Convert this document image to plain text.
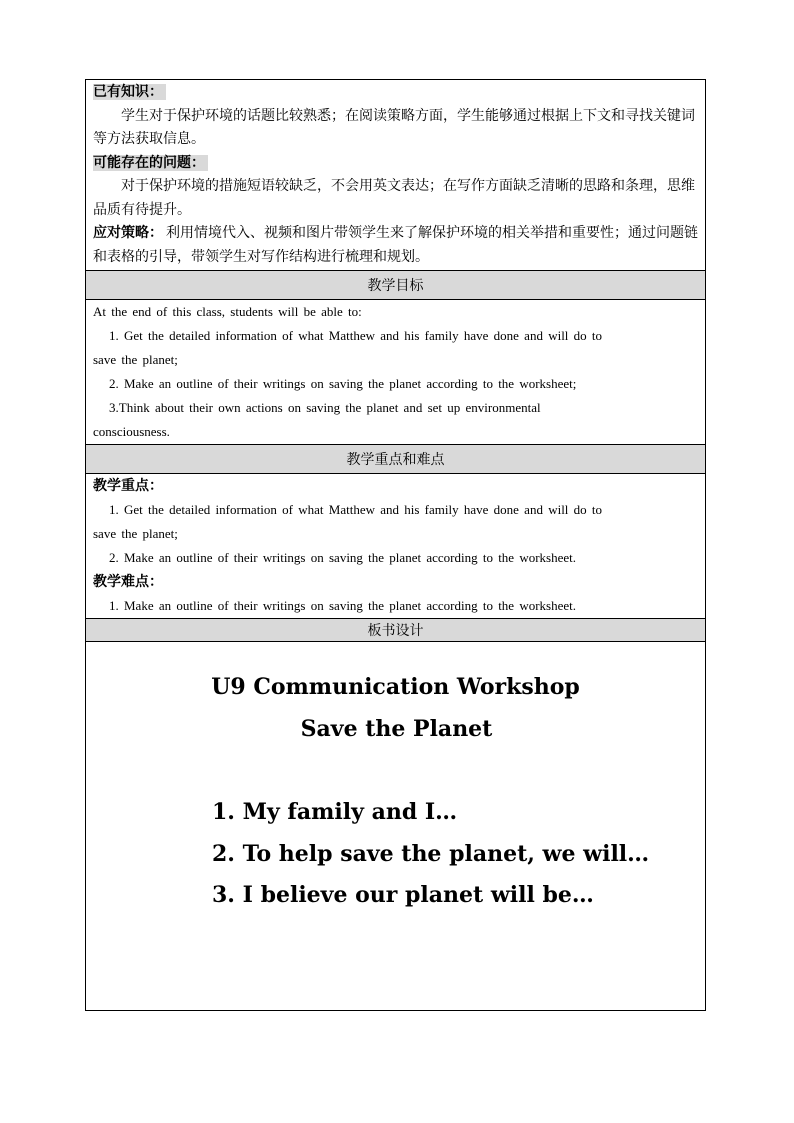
已有知识：
学生对于保护环境的话题比较熟悉；在阅读策略方面，学生能够通过根据上下文和寻找关键词等方法获取信息。
可能存在的问题：
对于保护环境的措施短语较缺乏，不会用英文表达；在写作方面缺乏清晰的思路和条理，思维品质有待提升。
应对策略： 利用情境代入、视频和图片带领学生来了解保护环境的相关举措和重要性；通过问题链和表格的引导，带领学生对写作结构进行梳理和规划。
教学目标
At the end of this class, students will be able to:
1. Get the detailed information of what Matthew and his family have done and will do to
save the planet;
2. Make an outline of their writings on saving the planet according to the worksheet;
3.Think about their own actions on saving the planet and set up environmental
consciousness.
教学重点和难点
教学重点：
1. Get the detailed information of what Matthew and his family have done and will do to
save the planet;
2. Make an outline of their writings on saving the planet according to the worksheet.
教学难点：
1. Make an outline of their writings on saving the planet according to the worksheet.
板书设计
U9 Communication Workshop
Save the Planet
1. My family and I…
2. To help save the planet, we will…
3. I believe our planet will be…
